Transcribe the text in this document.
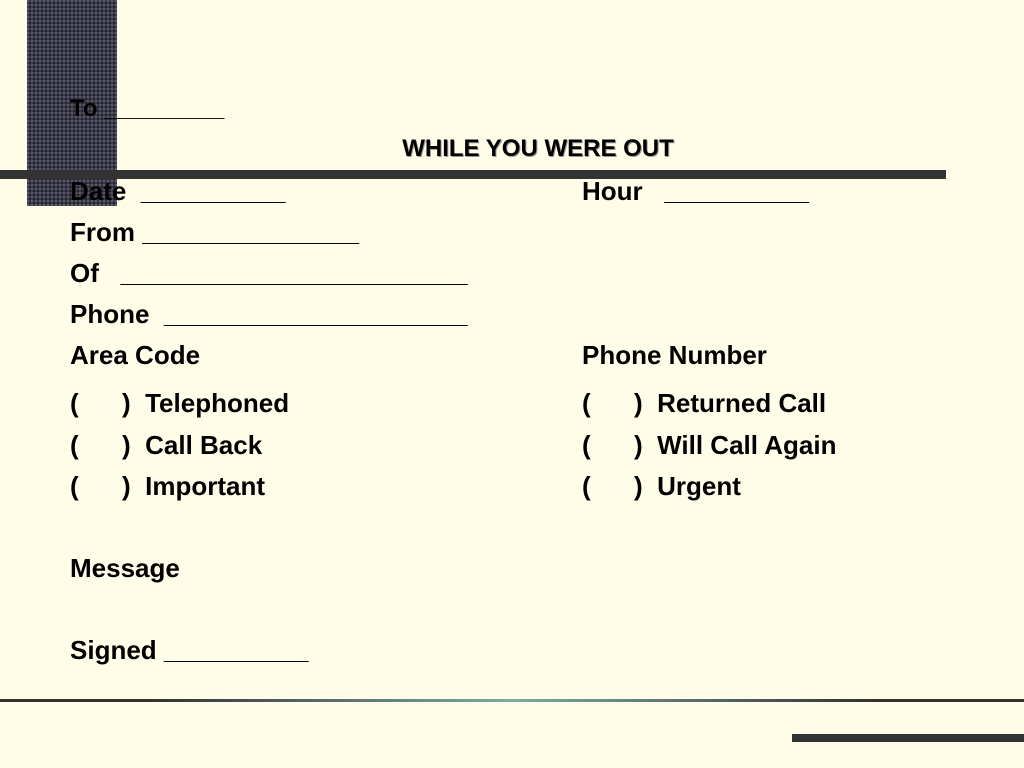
To _________
WHILE YOU WERE OUT
Date  __________	Hour   __________
From _______________
Of   ________________________
Phone  _____________________
Area Code	Phone Number
(      )  Telephoned
(      )  Call Back
(      )  Important
(      )  Returned Call
(      )  Will Call Again
(      )  Urgent
Message
Signed __________
